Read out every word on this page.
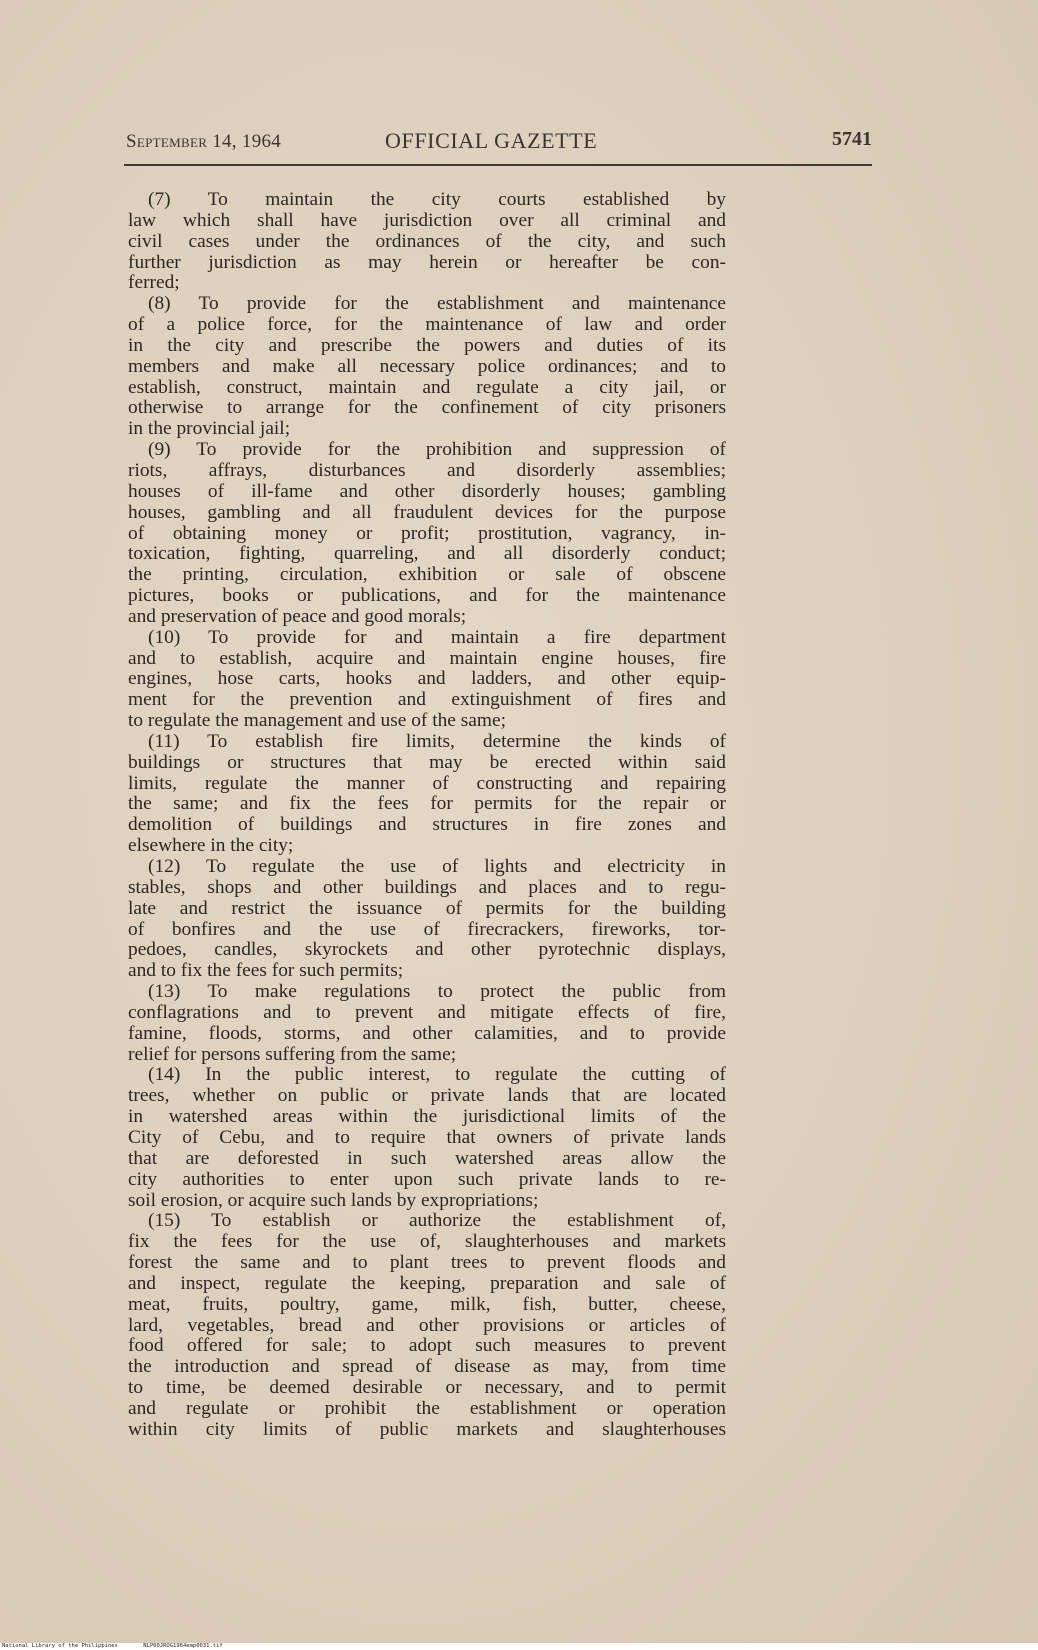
September 14, 1964	OFFICIAL GAZETTE	5741
(7) To maintain the city courts established by
law which shall have jurisdiction over all criminal and
civil cases under the ordinances of the city, and such
further jurisdiction as may herein or hereafter be con-
ferred;
(8) To provide for the establishment and maintenance
of a police force, for the maintenance of law and order
in the city and prescribe the powers and duties of its
members and make all necessary police ordinances; and to
establish, construct, maintain and regulate a city jail, or
otherwise to arrange for the confinement of city prisoners
in the provincial jail;
(9) To provide for the prohibition and suppression of
riots, affrays, disturbances and disorderly assemblies;
houses of ill-fame and other disorderly houses; gambling
houses, gambling and all fraudulent devices for the purpose
of obtaining money or profit; prostitution, vagrancy, in-
toxication, fighting, quarreling, and all disorderly conduct;
the printing, circulation, exhibition or sale of obscene
pictures, books or publications, and for the maintenance
and preservation of peace and good morals;
(10) To provide for and maintain a fire department
and to establish, acquire and maintain engine houses, fire
engines, hose carts, hooks and ladders, and other equip-
ment for the prevention and extinguishment of fires and
to regulate the management and use of the same;
(11) To establish fire limits, determine the kinds of
buildings or structures that may be erected within said
limits, regulate the manner of constructing and repairing
the same; and fix the fees for permits for the repair or
demolition of buildings and structures in fire zones and
elsewhere in the city;
(12) To regulate the use of lights and electricity in
stables, shops and other buildings and places and to regu-
late and restrict the issuance of permits for the building
of bonfires and the use of firecrackers, fireworks, tor-
pedoes, candles, skyrockets and other pyrotechnic displays,
and to fix the fees for such permits;
(13) To make regulations to protect the public from
conflagrations and to prevent and mitigate effects of fire,
famine, floods, storms, and other calamities, and to provide
relief for persons suffering from the same;
(14) In the public interest, to regulate the cutting of
trees, whether on public or private lands that are located
in watershed areas within the jurisdictional limits of the
City of Cebu, and to require that owners of private lands
that are deforested in such watershed areas allow the
city authorities to enter upon such private lands to re-
soil erosion, or acquire such lands by expropriations;
(15) To establish or authorize the establishment of,
fix the fees for the use of, slaughterhouses and markets
forest the same and to plant trees to prevent floods and
and inspect, regulate the keeping, preparation and sale of
meat, fruits, poultry, game, milk, fish, butter, cheese,
lard, vegetables, bread and other provisions or articles of
food offered for sale; to adopt such measures to prevent
the introduction and spread of disease as may, from time
to time, be deemed desirable or necessary, and to permit
and regulate or prohibit the establishment or operation
within city limits of public markets and slaughterhouses
National Library of the Philippines	NLP00JROG1964emp0031.tif
